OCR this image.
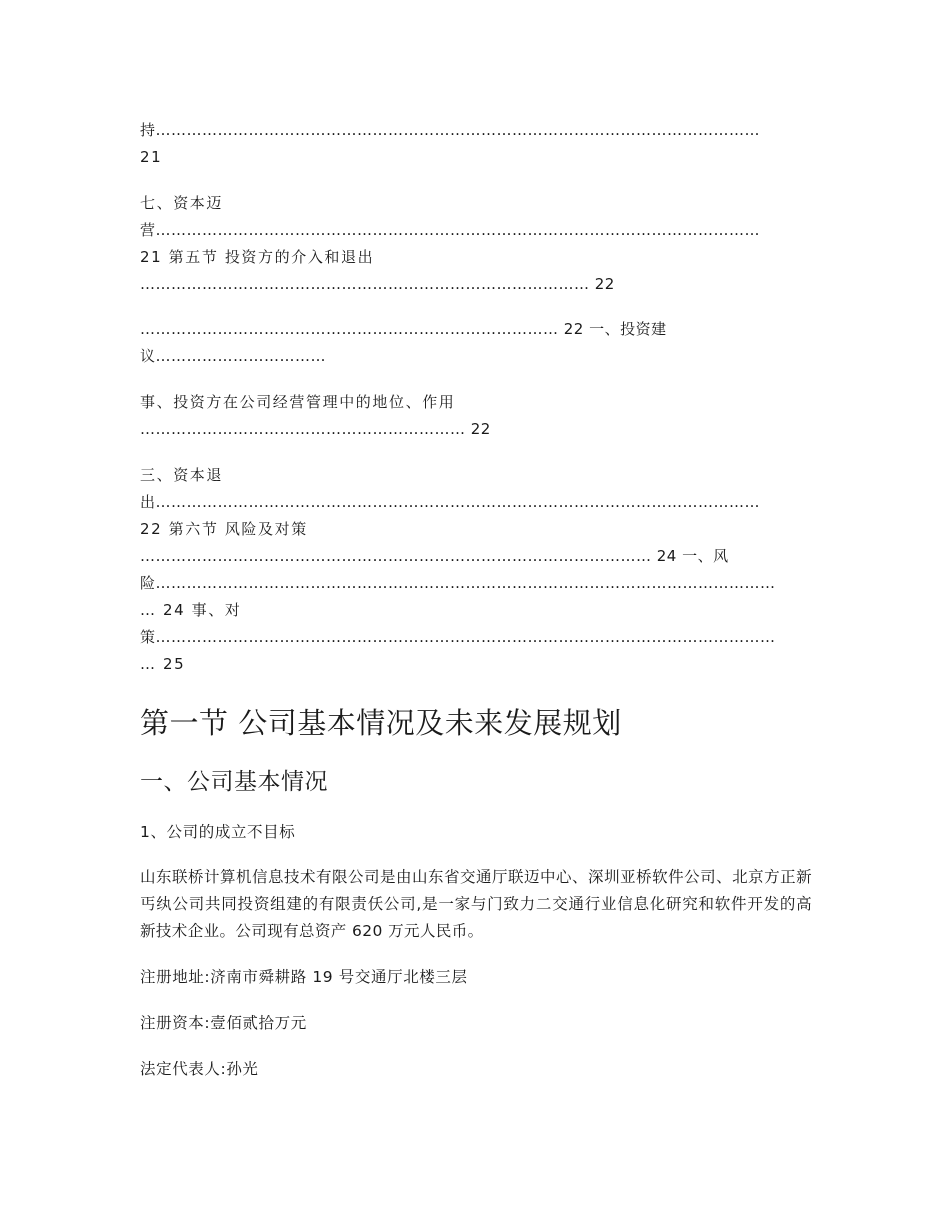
持………………………………………………………………………………………………………
21
七、资本迈
营………………………………………………………………………………………………………
21 第五节 投资方的介入和退出
…………………………………………………………………………… 22
……………………………………………………………………… 22 一、投资建
议……………………………
事、投资方在公司经营管理中的地位、作用
……………………………………………………… 22
三、资本退
出………………………………………………………………………………………………………
22 第六节 风险及对策
……………………………………………………………………………………… 24 一、风
险…………………………………………………………………………………………………………
… 24 事、对
策…………………………………………………………………………………………………………
… 25
第一节 公司基本情况及未来发展规划
一、公司基本情况
1、公司的成立不目标

山东联桥计算机信息技术有限公司是由山东省交通厅联迈中心、深圳亚桥软件公司、北京方正新丐纨公司共同投资组建的有限责仸公司,是一家与门致力二交通行业信息化研究和软件开发的高新技术企业。公司现有总资产 620 万元人民币。

注册地址:济南市舜耕路 19 号交通厅北楼三层
注册资本:壹佰贰拾万元
法定代表人:孙光
